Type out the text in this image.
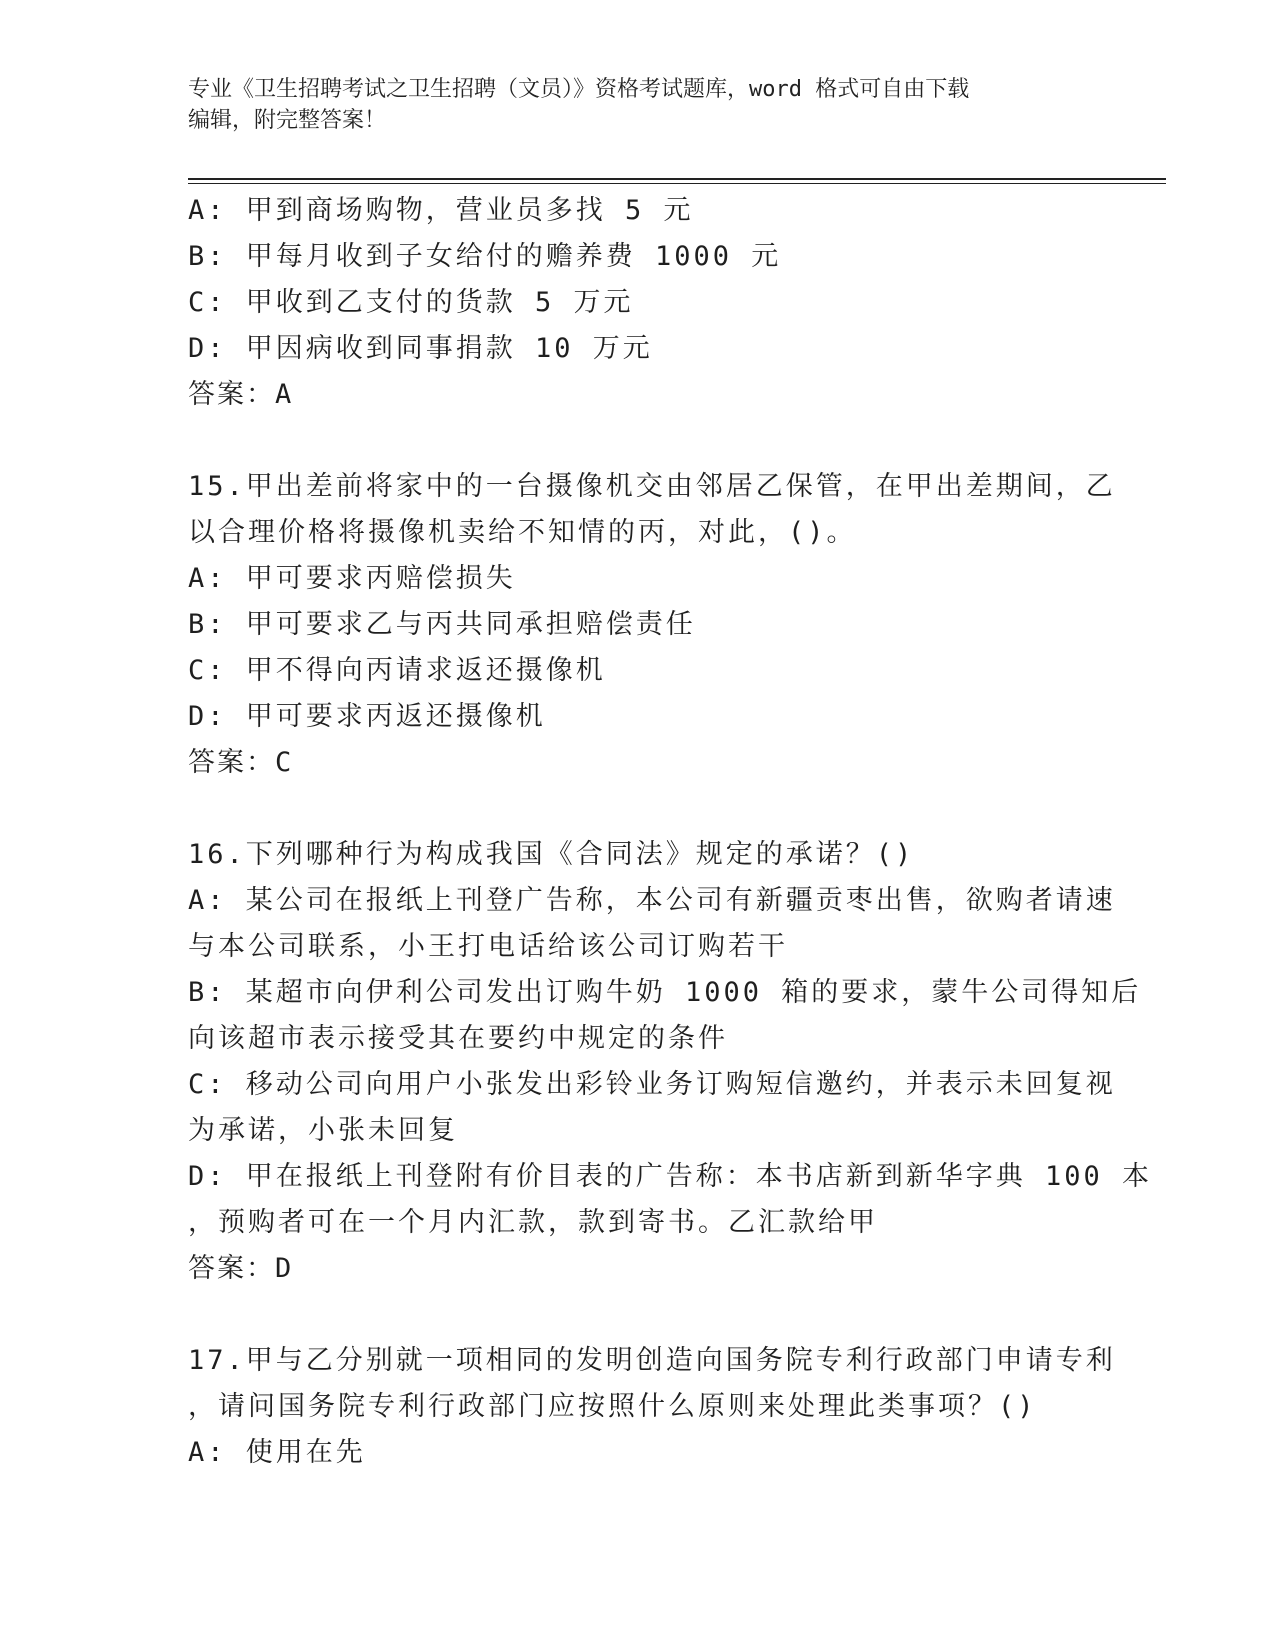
专业《卫生招聘考试之卫生招聘（文员）》资格考试题库，word 格式可自由下载
编辑，附完整答案！
A: 甲到商场购物，营业员多找 5 元
B: 甲每月收到子女给付的赡养费 1000 元
C: 甲收到乙支付的货款 5 万元
D: 甲因病收到同事捐款 10 万元
答案：A
15.甲出差前将家中的一台摄像机交由邻居乙保管，在甲出差期间，乙
以合理价格将摄像机卖给不知情的丙，对此，()。
A: 甲可要求丙赔偿损失
B: 甲可要求乙与丙共同承担赔偿责任
C: 甲不得向丙请求返还摄像机
D: 甲可要求丙返还摄像机
答案：C
16.下列哪种行为构成我国《合同法》规定的承诺？()
A: 某公司在报纸上刊登广告称，本公司有新疆贡枣出售，欲购者请速
与本公司联系，小王打电话给该公司订购若干
B: 某超市向伊利公司发出订购牛奶 1000 箱的要求，蒙牛公司得知后
向该超市表示接受其在要约中规定的条件
C: 移动公司向用户小张发出彩铃业务订购短信邀约，并表示未回复视
为承诺，小张未回复
D: 甲在报纸上刊登附有价目表的广告称：本书店新到新华字典 100 本
，预购者可在一个月内汇款，款到寄书。乙汇款给甲
答案：D
17.甲与乙分别就一项相同的发明创造向国务院专利行政部门申请专利
，请问国务院专利行政部门应按照什么原则来处理此类事项？()
A: 使用在先
